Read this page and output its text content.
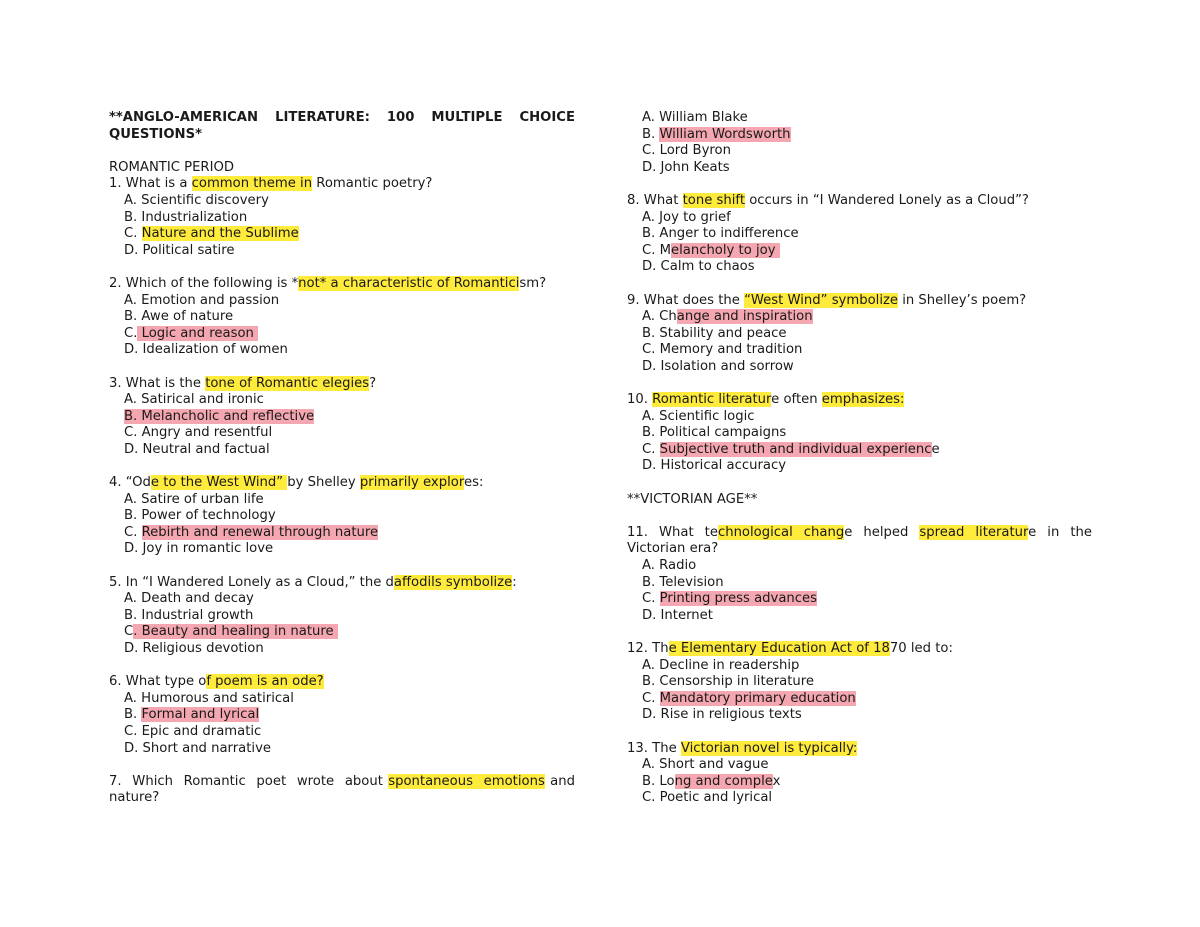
**ANGLO-AMERICAN LITERATURE: 100 MULTIPLE CHOICE
QUESTIONS*
ROMANTIC PERIOD
1. What is a common theme in Romantic poetry?
A. Scientific discovery
B. Industrialization
C. Nature and the Sublime
D. Political satire
2. Which of the following is *not* a characteristic of Romanticism?
A. Emotion and passion
B. Awe of nature
C. Logic and reason
D. Idealization of women
3. What is the tone of Romantic elegies?
A. Satirical and ironic
B. Melancholic and reflective
C. Angry and resentful
D. Neutral and factual
4. “Ode to the West Wind” by Shelley primarily explores:
A. Satire of urban life
B. Power of technology
C. Rebirth and renewal through nature
D. Joy in romantic love
5. In “I Wandered Lonely as a Cloud,” the daffodils symbolize:
A. Death and decay
B. Industrial growth
C. Beauty and healing in nature
D. Religious devotion
6. What type of poem is an ode?
A. Humorous and satirical
B. Formal and lyrical
C. Epic and dramatic
D. Short and narrative
7.  Which  Romantic  poet  wrote  about spontaneous  emotions and
nature?
A. William Blake
B. William Wordsworth
C. Lord Byron
D. John Keats
8. What tone shift occurs in “I Wandered Lonely as a Cloud”?
A. Joy to grief
B. Anger to indifference
C. Melancholy to joy
D. Calm to chaos
9. What does the “West Wind” symbolize in Shelley’s poem?
A. Change and inspiration
B. Stability and peace
C. Memory and tradition
D. Isolation and sorrow
10. Romantic literature often emphasizes:
A. Scientific logic
B. Political campaigns
C. Subjective truth and individual experience
D. Historical accuracy
**VICTORIAN AGE**
11.  What  technological  change  helped  spread  literature  in  the
Victorian era?
A. Radio
B. Television
C. Printing press advances
D. Internet
12. The Elementary Education Act of 1870 led to:
A. Decline in readership
B. Censorship in literature
C. Mandatory primary education
D. Rise in religious texts
13. The Victorian novel is typically:
A. Short and vague
B. Long and complex
C. Poetic and lyrical
